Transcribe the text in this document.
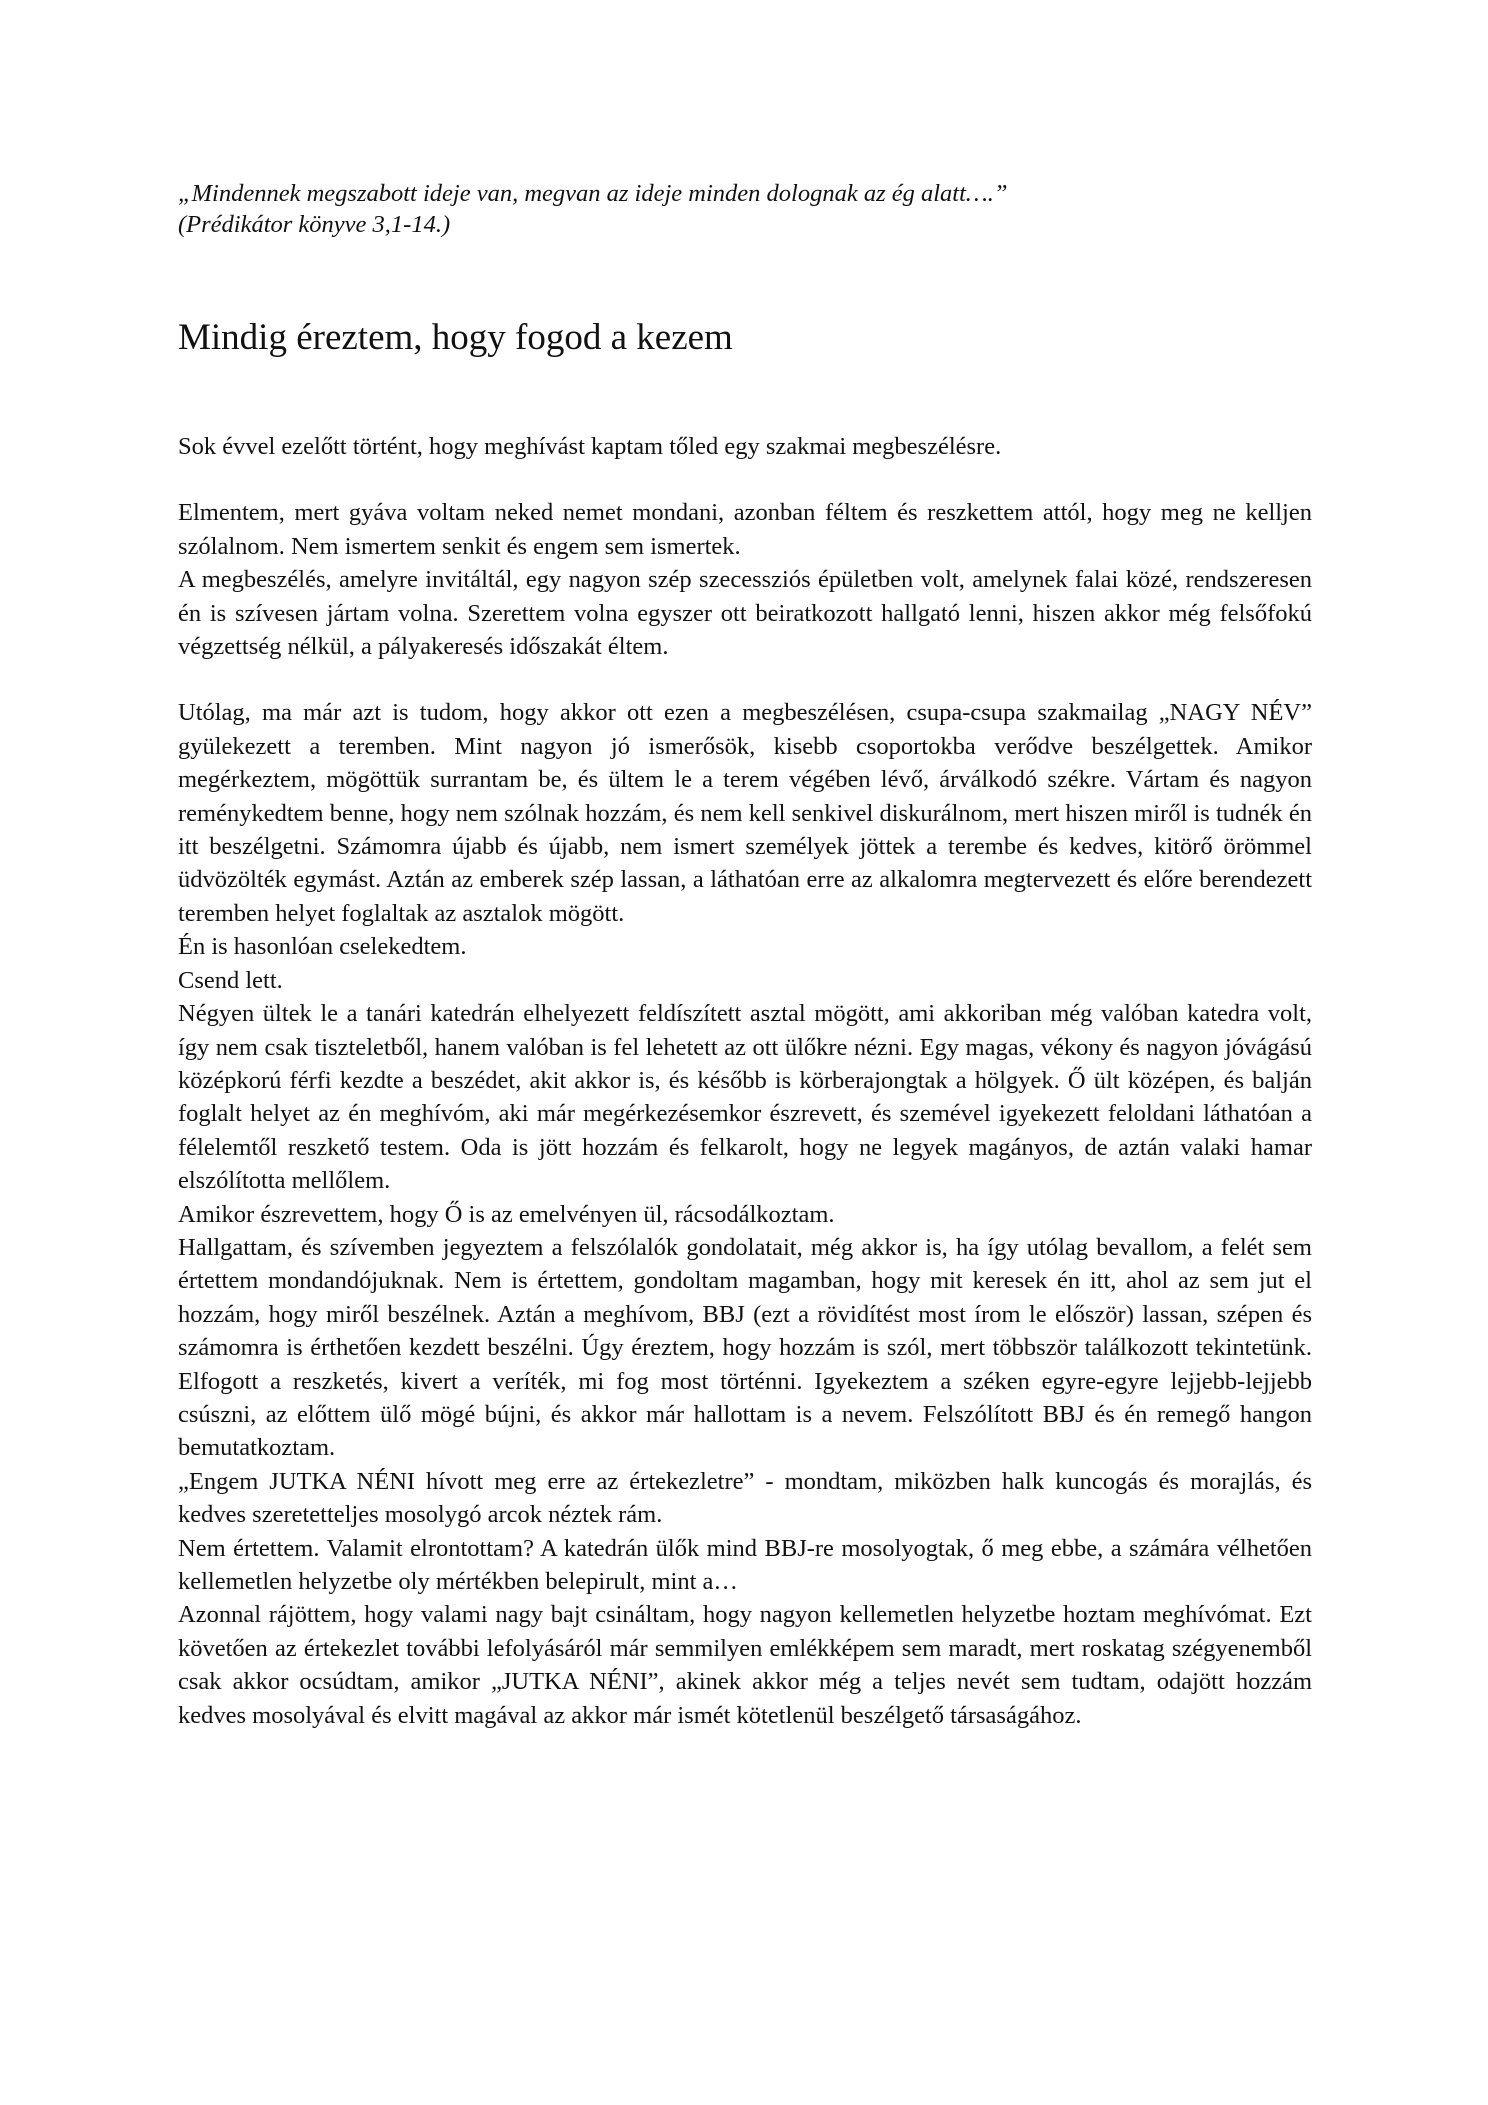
„Mindennek megszabott ideje van, megvan az ideje minden dolognak az ég alatt….”
(Prédikátor könyve 3,1-14.)
Mindig éreztem, hogy fogod a kezem

Sok évvel ezelőtt történt, hogy meghívást kaptam tőled egy szakmai megbeszélésre.

Elmentem, mert gyáva voltam neked nemet mondani, azonban féltem és reszkettem attól, hogy meg ne kelljen szólalnom. Nem ismertem senkit és engem sem ismertek.

A megbeszélés, amelyre invitáltál, egy nagyon szép szecessziós épületben volt, amelynek falai közé, rendszeresen én is szívesen jártam volna. Szerettem volna egyszer ott beiratkozott hallgató lenni, hiszen akkor még felsőfokú végzettség nélkül, a pályakeresés időszakát éltem.

Utólag, ma már azt is tudom, hogy akkor ott ezen a megbeszélésen, csupa-csupa szakmailag „NAGY NÉV” gyülekezett a teremben. Mint nagyon jó ismerősök, kisebb csoportokba verődve beszélgettek. Amikor megérkeztem, mögöttük surrantam be, és ültem le a terem végében lévő, árválkodó székre. Vártam és nagyon reménykedtem benne, hogy nem szólnak hozzám, és nem kell senkivel diskurálnom, mert hiszen miről is tudnék én itt beszélgetni. Számomra újabb és újabb, nem ismert személyek jöttek a terembe és kedves, kitörő örömmel üdvözölték egymást. Aztán az emberek szép lassan, a láthatóan erre az alkalomra megtervezett és előre berendezett teremben helyet foglaltak az asztalok mögött.

Én is hasonlóan cselekedtem.

Csend lett.

Négyen ültek le a tanári katedrán elhelyezett feldíszített asztal mögött, ami akkoriban még valóban katedra volt, így nem csak tiszteletből, hanem valóban is fel lehetett az ott ülőkre nézni. Egy magas, vékony és nagyon jóvágású középkorú férfi kezdte a beszédet, akit akkor is, és később is körberajongtak a hölgyek. Ő ült középen, és balján foglalt helyet az én meghívóm, aki már megérkezésemkor észrevett, és szemével igyekezett feloldani láthatóan a félelemtől reszkető testem. Oda is jött hozzám és felkarolt, hogy ne legyek magányos, de aztán valaki hamar elszólította mellőlem.

Amikor észrevettem, hogy Ő is az emelvényen ül, rácsodálkoztam.

Hallgattam, és szívemben jegyeztem a felszólalók gondolatait, még akkor is, ha így utólag bevallom, a felét sem értettem mondandójuknak. Nem is értettem, gondoltam magamban, hogy mit keresek én itt, ahol az sem jut el hozzám, hogy miről beszélnek. Aztán a meghívom, BBJ (ezt a rövidítést most írom le először) lassan, szépen és számomra is érthetően kezdett beszélni. Úgy éreztem, hogy hozzám is szól, mert többször találkozott tekintetünk. Elfogott a reszketés, kivert a veríték, mi fog most történni. Igyekeztem a széken egyre-egyre lejjebb-lejjebb csúszni, az előttem ülő mögé bújni, és akkor már hallottam is a nevem. Felszólított BBJ és én remegő hangon bemutatkoztam.

„Engem JUTKA NÉNI hívott meg erre az értekezletre” - mondtam, miközben halk kuncogás és morajlás, és kedves szeretetteljes mosolygó arcok néztek rám.

Nem értettem. Valamit elrontottam? A katedrán ülők mind BBJ-re mosolyogtak, ő meg ebbe, a számára vélhetően kellemetlen helyzetbe oly mértékben belepirult, mint a…

Azonnal rájöttem, hogy valami nagy bajt csináltam, hogy nagyon kellemetlen helyzetbe hoztam meghívómat. Ezt követően az értekezlet további lefolyásáról már semmilyen emlékképem sem maradt, mert roskatag szégyenemből csak akkor ocsúdtam, amikor „JUTKA NÉNI”, akinek akkor még a teljes nevét sem tudtam, odajött hozzám kedves mosolyával és elvitt magával az akkor már ismét kötetlenül beszélgető társaságához.
